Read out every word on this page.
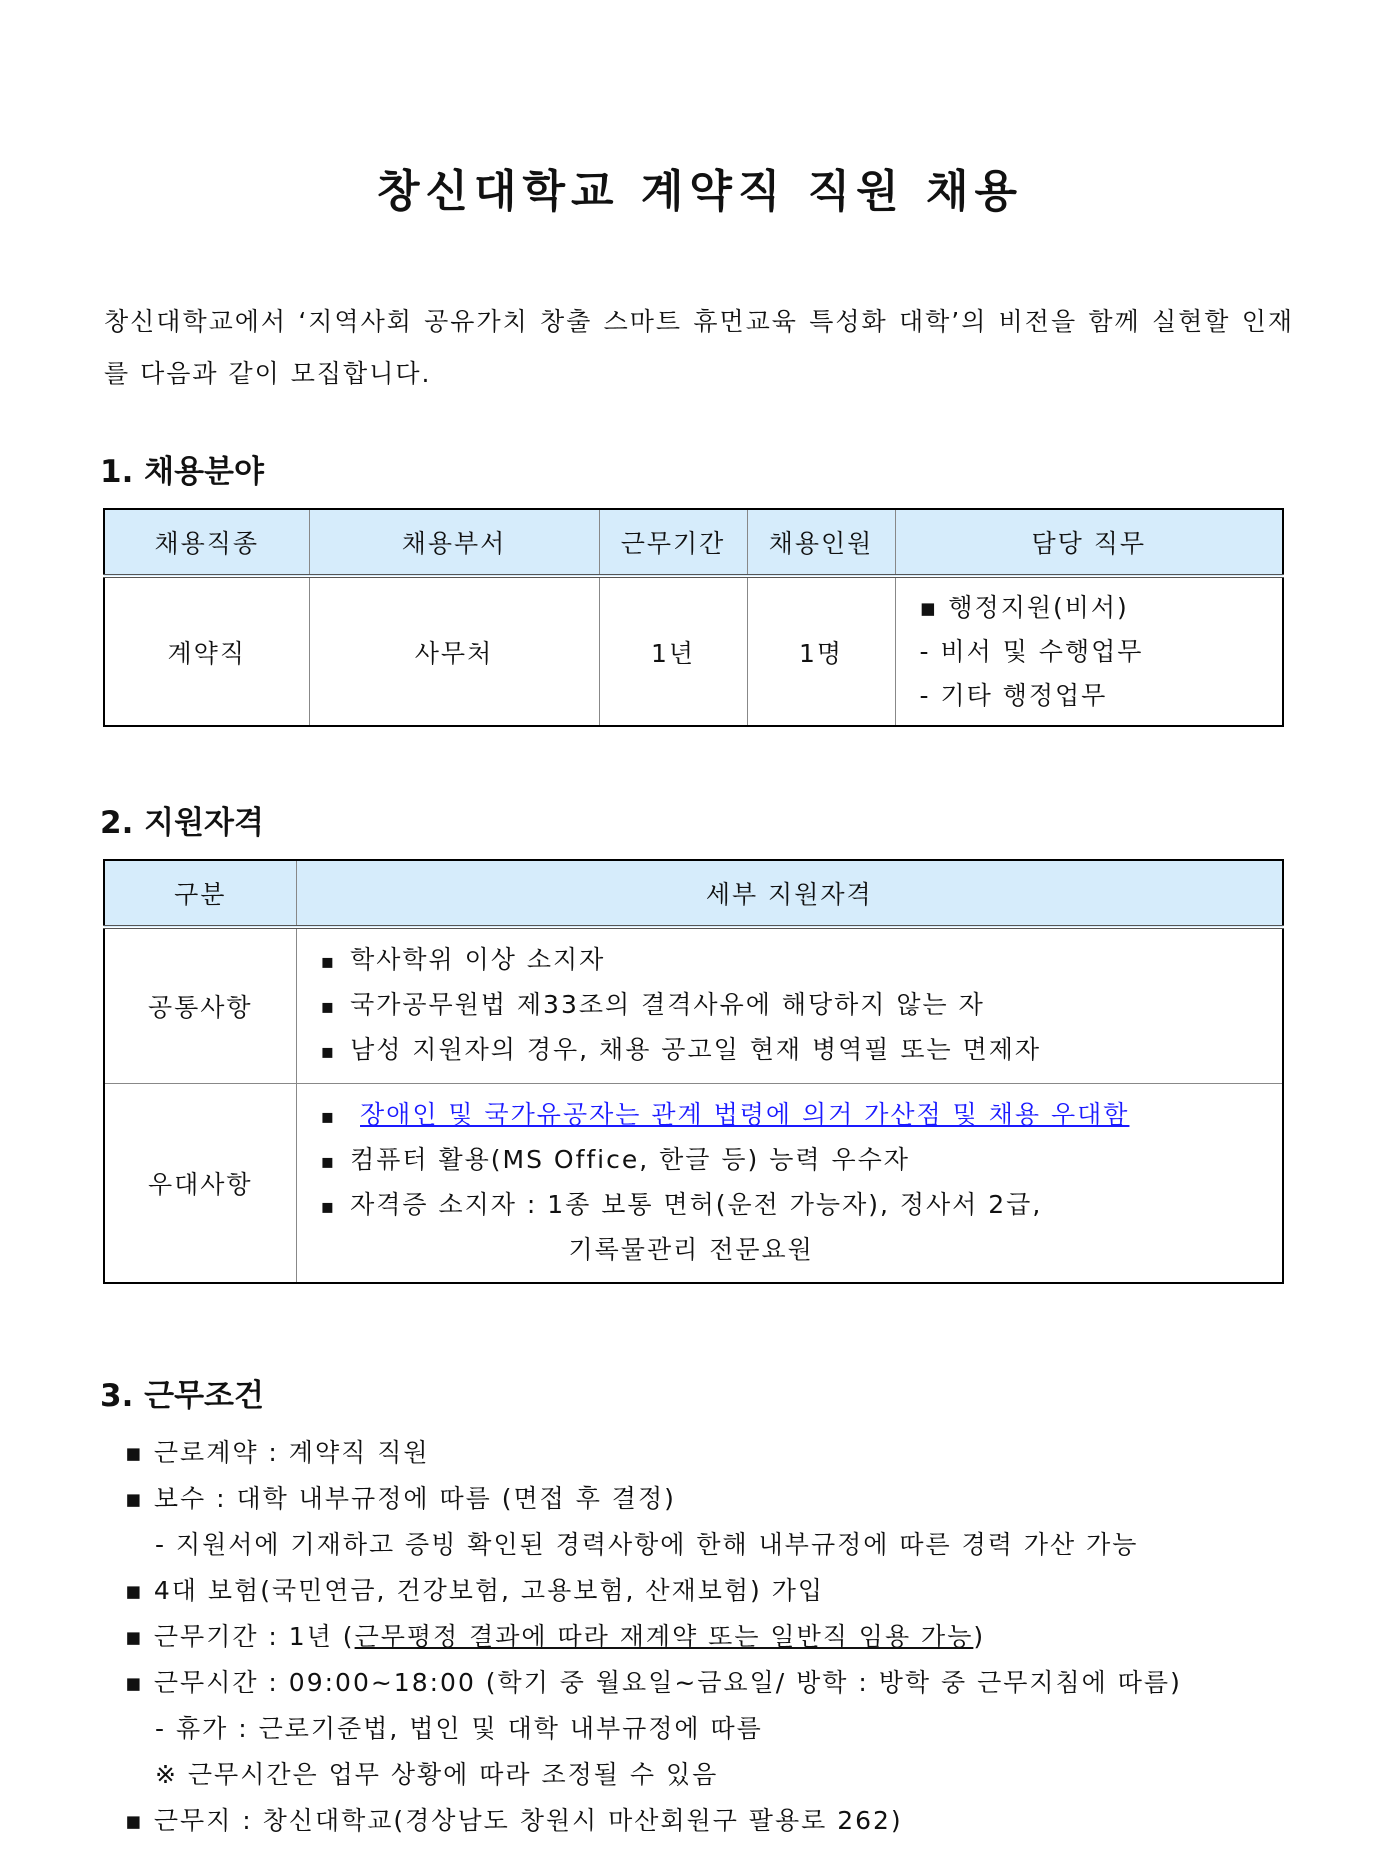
창신대학교 계약직 직원 채용

창신대학교에서 ‘지역사회 공유가치 창출 스마트 휴먼교육 특성화 대학’의 비전을 함께 실현할 인재를 다음과 같이 모집합니다.

1. 채용분야
채용직종	채용부서	근무기간	채용인원	담당 직무
계약직	사무처	1년	1명	▪ 행정지원(비서)
- 비서 및 수행업무
- 기타 행정업무
2. 지원자격
구분	세부 지원자격
공통사항	▪ 학사학위 이상 소지자
▪ 국가공무원법 제33조의 결격사유에 해당하지 않는 자
▪ 남성 지원자의 경우, 채용 공고일 현재 병역필 또는 면제자

우대사항	▪ 장애인 및 국가유공자는 관계 법령에 의거 가산점 및 채용 우대함
▪ 컴퓨터 활용(MS Office, 한글 등) 능력 우수자
▪ 자격증 소지자 : 1종 보통 면허(운전 가능자), 정사서 2급,
기록물관리 전문요원
3. 근무조건
▪ 근로계약 : 계약직 직원
▪ 보수 : 대학 내부규정에 따름 (면접 후 결정)
- 지원서에 기재하고 증빙 확인된 경력사항에 한해 내부규정에 따른 경력 가산 가능
▪ 4대 보험(국민연금, 건강보험, 고용보험, 산재보험) 가입
▪ 근무기간 : 1년 (근무평정 결과에 따라 재계약 또는 일반직 임용 가능)
▪ 근무시간 : 09:00~18:00 (학기 중 월요일~금요일/ 방학 : 방학 중 근무지침에 따름)
- 휴가 : 근로기준법, 법인 및 대학 내부규정에 따름
※ 근무시간은 업무 상황에 따라 조정될 수 있음
▪ 근무지 : 창신대학교(경상남도 창원시 마산회원구 팔용로 262)
